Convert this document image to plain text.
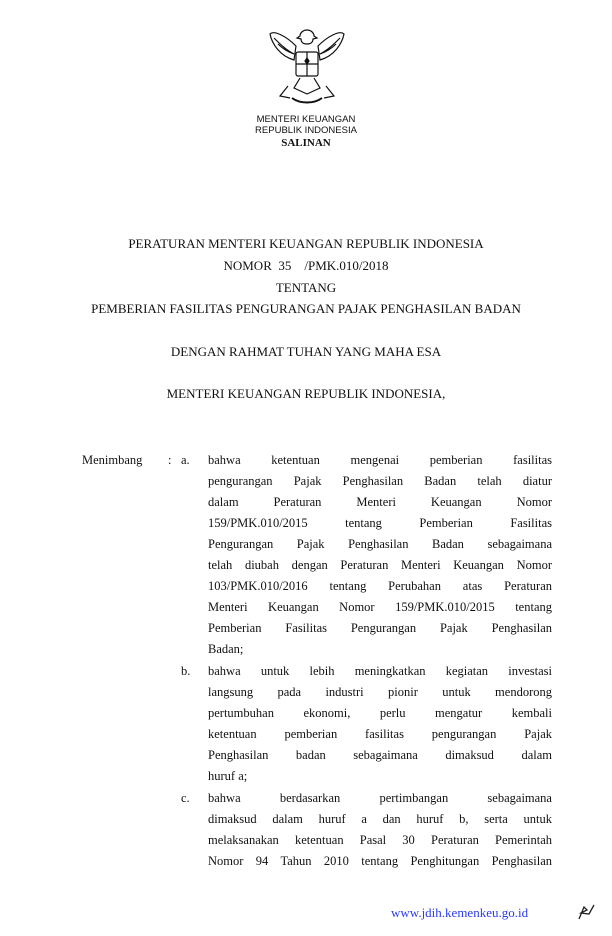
MENTERI KEUANGAN
REPUBLIK INDONESIA
SALINAN
PERATURAN MENTERI KEUANGAN REPUBLIK INDONESIA
NOMOR  35    /PMK.010/2018
TENTANG
PEMBERIAN FASILITAS PENGURANGAN PAJAK PENGHASILAN BADAN
DENGAN RAHMAT TUHAN YANG MAHA ESA
MENTERI KEUANGAN REPUBLIK INDONESIA,
Menimbang : a. bahwa ketentuan mengenai pemberian fasilitas
pengurangan Pajak Penghasilan Badan telah diatur
dalam Peraturan Menteri Keuangan Nomor
159/PMK.010/2015 tentang Pemberian Fasilitas
Pengurangan Pajak Penghasilan Badan sebagaimana
telah diubah dengan Peraturan Menteri Keuangan Nomor
103/PMK.010/2016 tentang Perubahan atas Peraturan
Menteri Keuangan Nomor 159/PMK.010/2015 tentang
Pemberian Fasilitas Pengurangan Pajak Penghasilan
Badan;
b. bahwa untuk lebih meningkatkan kegiatan investasi
langsung pada industri pionir untuk mendorong
pertumbuhan ekonomi, perlu mengatur kembali
ketentuan pemberian fasilitas pengurangan Pajak
Penghasilan badan sebagaimana dimaksud dalam
huruf a;
c. bahwa berdasarkan pertimbangan sebagaimana
dimaksud dalam huruf a dan huruf b, serta untuk
melaksanakan ketentuan Pasal 30 Peraturan Pemerintah
Nomor 94 Tahun 2010 tentang Penghitungan Penghasilan
www.jdih.kemenkeu.go.id
